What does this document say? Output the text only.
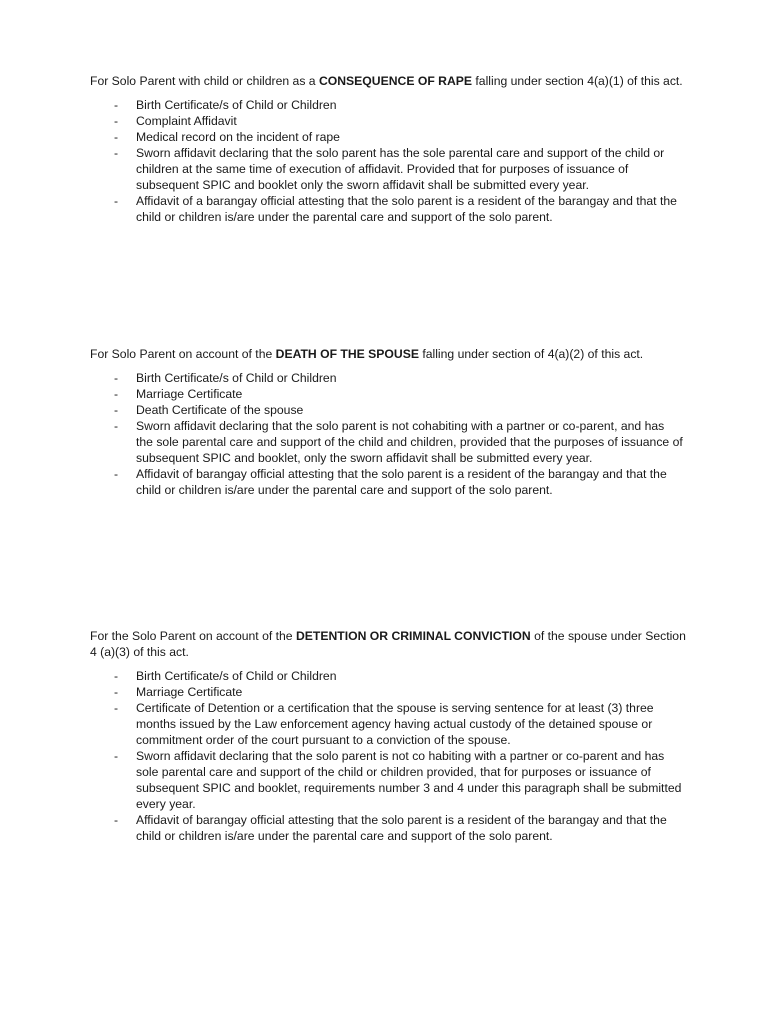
For Solo Parent with child or children as a CONSEQUENCE OF RAPE falling under section 4(a)(1) of this act.

- Birth Certificate/s of Child or Children
- Complaint Affidavit
- Medical record on the incident of rape
- Sworn affidavit declaring that the solo parent has the sole parental care and support of the child or children at the same time of execution of affidavit. Provided that for purposes of issuance of subsequent SPIC and booklet only the sworn affidavit shall be submitted every year.
- Affidavit of a barangay official attesting that the solo parent is a resident of the barangay and that the child or children is/are under the parental care and support of the solo parent.

For Solo Parent on account of the DEATH OF THE SPOUSE falling under section of 4(a)(2) of this act.

- Birth Certificate/s of Child or Children
- Marriage Certificate
- Death Certificate of the spouse
- Sworn affidavit declaring that the solo parent is not cohabiting with a partner or co-parent, and has the sole parental care and support of the child and children, provided that the purposes of issuance of subsequent SPIC and booklet, only the sworn affidavit shall be submitted every year.
- Affidavit of barangay official attesting that the solo parent is a resident of the barangay and that the child or children is/are under the parental care and support of the solo parent.

For the Solo Parent on account of the DETENTION OR CRIMINAL CONVICTION of the spouse under Section 4 (a)(3) of this act.

- Birth Certificate/s of Child or Children
- Marriage Certificate
- Certificate of Detention or a certification that the spouse is serving sentence for at least (3) three months issued by the Law enforcement agency having actual custody of the detained spouse or commitment order of the court pursuant to a conviction of the spouse.
- Sworn affidavit declaring that the solo parent is not co habiting with a partner or co-parent and has sole parental care and support of the child or children provided, that for purposes or issuance of subsequent SPIC and booklet, requirements number 3 and 4 under this paragraph shall be submitted every year.
- Affidavit of barangay official attesting that the solo parent is a resident of the barangay and that the child or children is/are under the parental care and support of the solo parent.
